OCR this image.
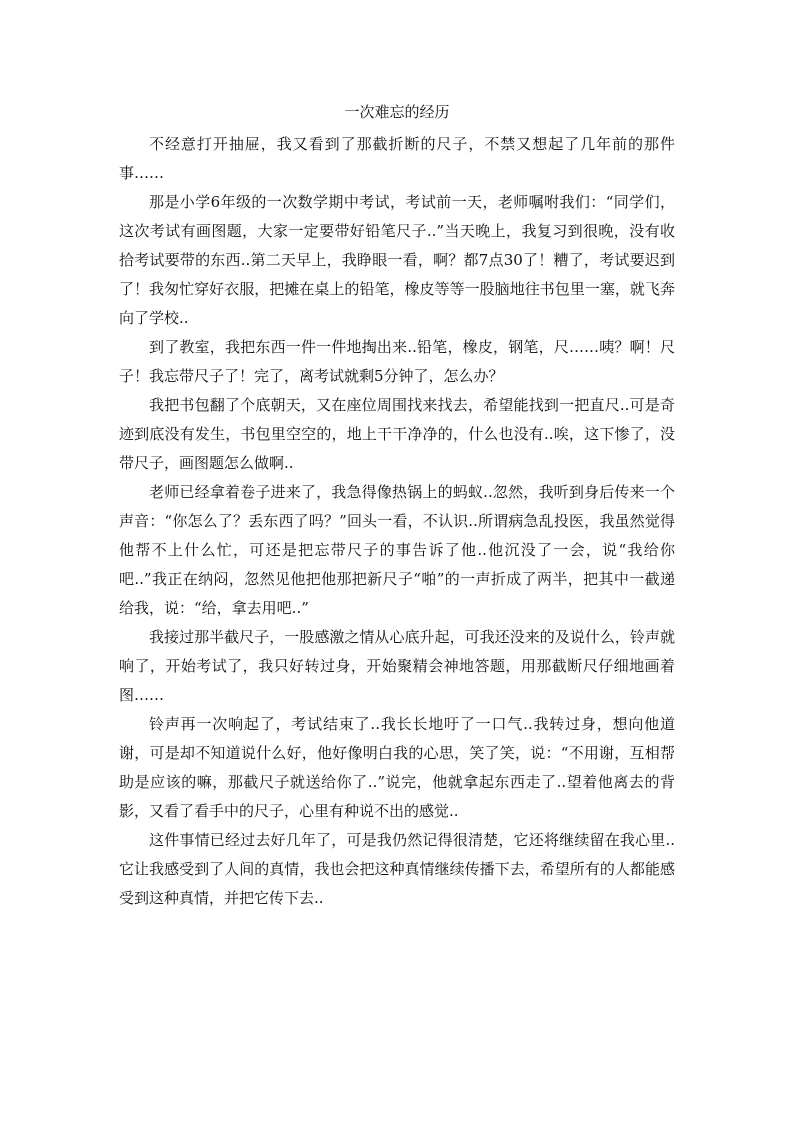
一次难忘的经历

不经意打开抽屉，我又看到了那截折断的尺子，不禁又想起了几年前的那件事……

那是小学6年级的一次数学期中考试，考试前一天，老师嘱咐我们：“同学们，这次考试有画图题，大家一定要带好铅笔尺子..”当天晚上，我复习到很晚，没有收拾考试要带的东西..第二天早上，我睁眼一看，啊？都7点30了！糟了，考试要迟到了！我匆忙穿好衣服，把摊在桌上的铅笔，橡皮等等一股脑地往书包里一塞，就飞奔向了学校..

到了教室，我把东西一件一件地掏出来..铅笔，橡皮，钢笔，尺……咦？啊！尺子！我忘带尺子了！完了，离考试就剩5分钟了，怎么办？

我把书包翻了个底朝天，又在座位周围找来找去，希望能找到一把直尺..可是奇迹到底没有发生，书包里空空的，地上干干净净的，什么也没有..唉，这下惨了，没带尺子，画图题怎么做啊..

老师已经拿着卷子进来了，我急得像热锅上的蚂蚁..忽然，我听到身后传来一个声音：“你怎么了？丢东西了吗？”回头一看，不认识..所谓病急乱投医，我虽然觉得他帮不上什么忙，可还是把忘带尺子的事告诉了他..他沉没了一会，说“我给你吧..”我正在纳闷，忽然见他把他那把新尺子“啪”的一声折成了两半，把其中一截递给我，说：“给，拿去用吧..”

我接过那半截尺子，一股感激之情从心底升起，可我还没来的及说什么，铃声就响了，开始考试了，我只好转过身，开始聚精会神地答题，用那截断尺仔细地画着图……

铃声再一次响起了，考试结束了..我长长地吁了一口气..我转过身，想向他道谢，可是却不知道说什么好，他好像明白我的心思，笑了笑，说：“不用谢，互相帮助是应该的嘛，那截尺子就送给你了..”说完，他就拿起东西走了..望着他离去的背影，又看了看手中的尺子，心里有种说不出的感觉..

这件事情已经过去好几年了，可是我仍然记得很清楚，它还将继续留在我心里..它让我感受到了人间的真情，我也会把这种真情继续传播下去，希望所有的人都能感受到这种真情，并把它传下去..
